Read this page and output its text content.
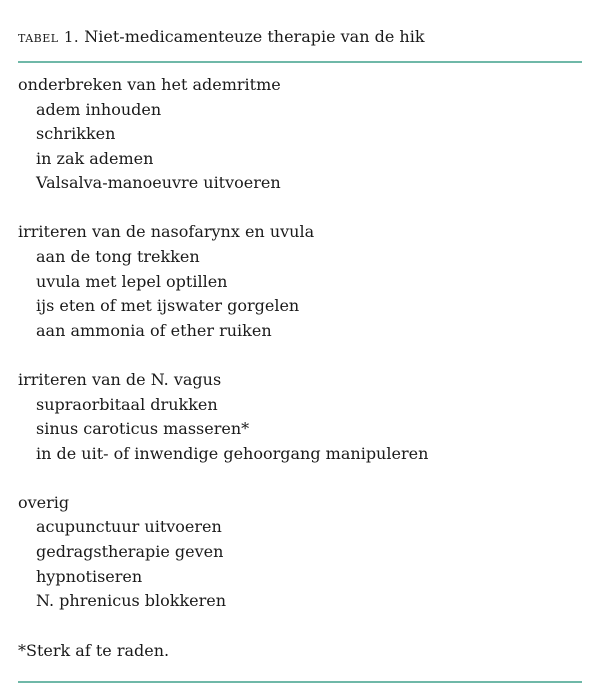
tabel 1. Niet-medicamenteuze therapie van de hik
onderbreken van het ademritme
adem inhouden
schrikken
in zak ademen
Valsalva-manoeuvre uitvoeren
irriteren van de nasofarynx en uvula
aan de tong trekken
uvula met lepel optillen
ijs eten of met ijswater gorgelen
aan ammonia of ether ruiken
irriteren van de N. vagus
supraorbitaal drukken
sinus caroticus masseren*
in de uit- of inwendige gehoorgang manipuleren
overig
acupunctuur uitvoeren
gedragstherapie geven
hypnotiseren
N. phrenicus blokkeren
*Sterk af te raden.
